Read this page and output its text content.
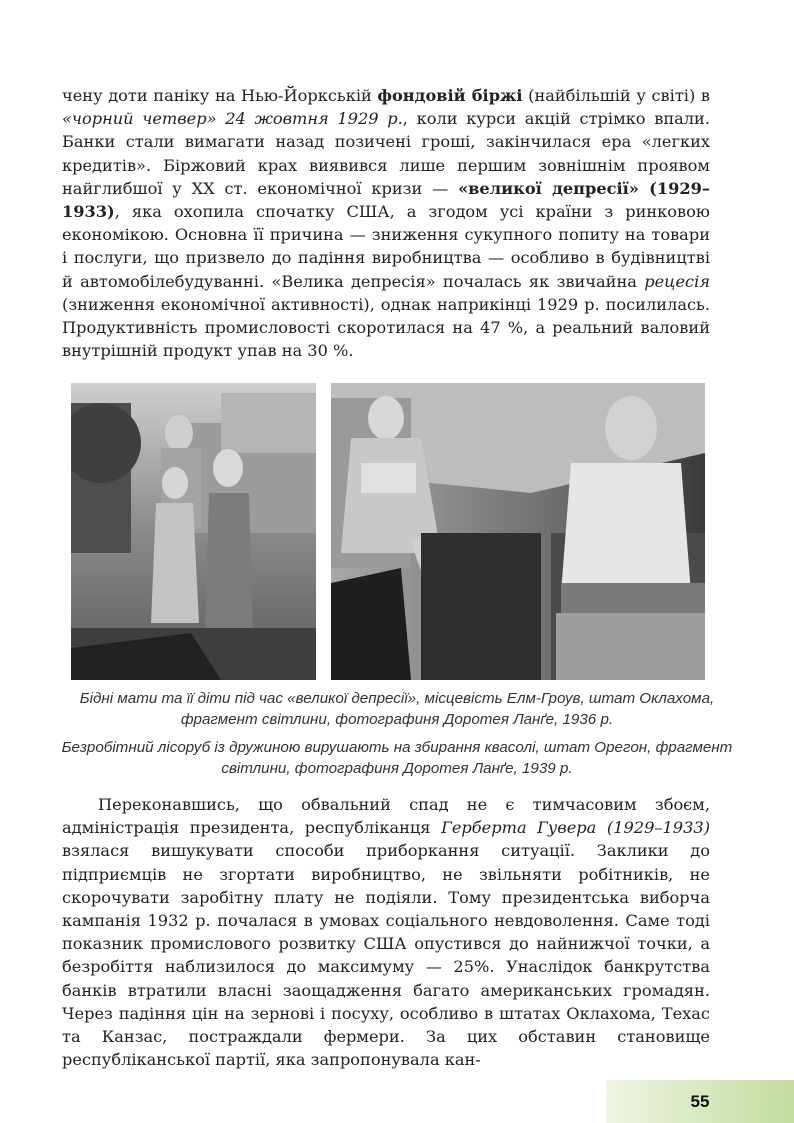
чену доти паніку на Нью-Йоркській фондовій біржі (найбільшій у світі) в «чорний четвер» 24 жовтня 1929 р., коли курси акцій стрімко впали. Банки стали вимагати назад позичені гроші, закінчилася ера «легких кредитів». Біржовий крах виявився лише першим зовнішнім проявом найглибшої у XX ст. економічної кризи — «великої депресії» (1929–1933), яка охопила спочатку США, а згодом усі країни з ринковою економікою. Основна її причина — зниження сукупного попиту на товари і послуги, що призвело до падіння виробництва — особливо в будівництві й автомобілебудуванні. «Велика депресія» почалась як звичайна рецесія (зниження економічної активності), однак наприкінці 1929 р. посилилась. Продуктивність промисловості скоротилася на 47 %, а реальний валовий внутрішній продукт упав на 30 %.

Бідні мати та її діти під час «великої депресії», місцевість Елм-Гроув, штат Оклахома, фрагмент світлини, фотографиня Доротея Ланґе, 1936 р.

Безробітний лісоруб із дружиною вирушають на збирання квасолі, штат Орегон, фрагмент світлини, фотографиня Доротея Ланґе, 1939 р.

Переконавшись, що обвальний спад не є тимчасовим збоєм, адміністрація президента, республіканця Герберта Гувера (1929–1933) взялася вишукувати способи приборкання ситуації. Заклики до підприємців не згортати виробництво, не звільняти робітників, не скорочувати заробітну плату не подіяли. Тому президентська виборча кампанія 1932 р. почалася в умовах соціального невдоволення. Саме тоді показник промислового розвитку США опустився до найнижчої точки, а безробіття наблизилося до максимуму — 25%. Унаслідок банкрутства банків втратили власні заощадження багато американських громадян. Через падіння цін на зернові і посуху, особливо в штатах Оклахома, Техас та Канзас, постраждали фермери. За цих обставин становище республіканської партії, яка запропонувала кан-

55
